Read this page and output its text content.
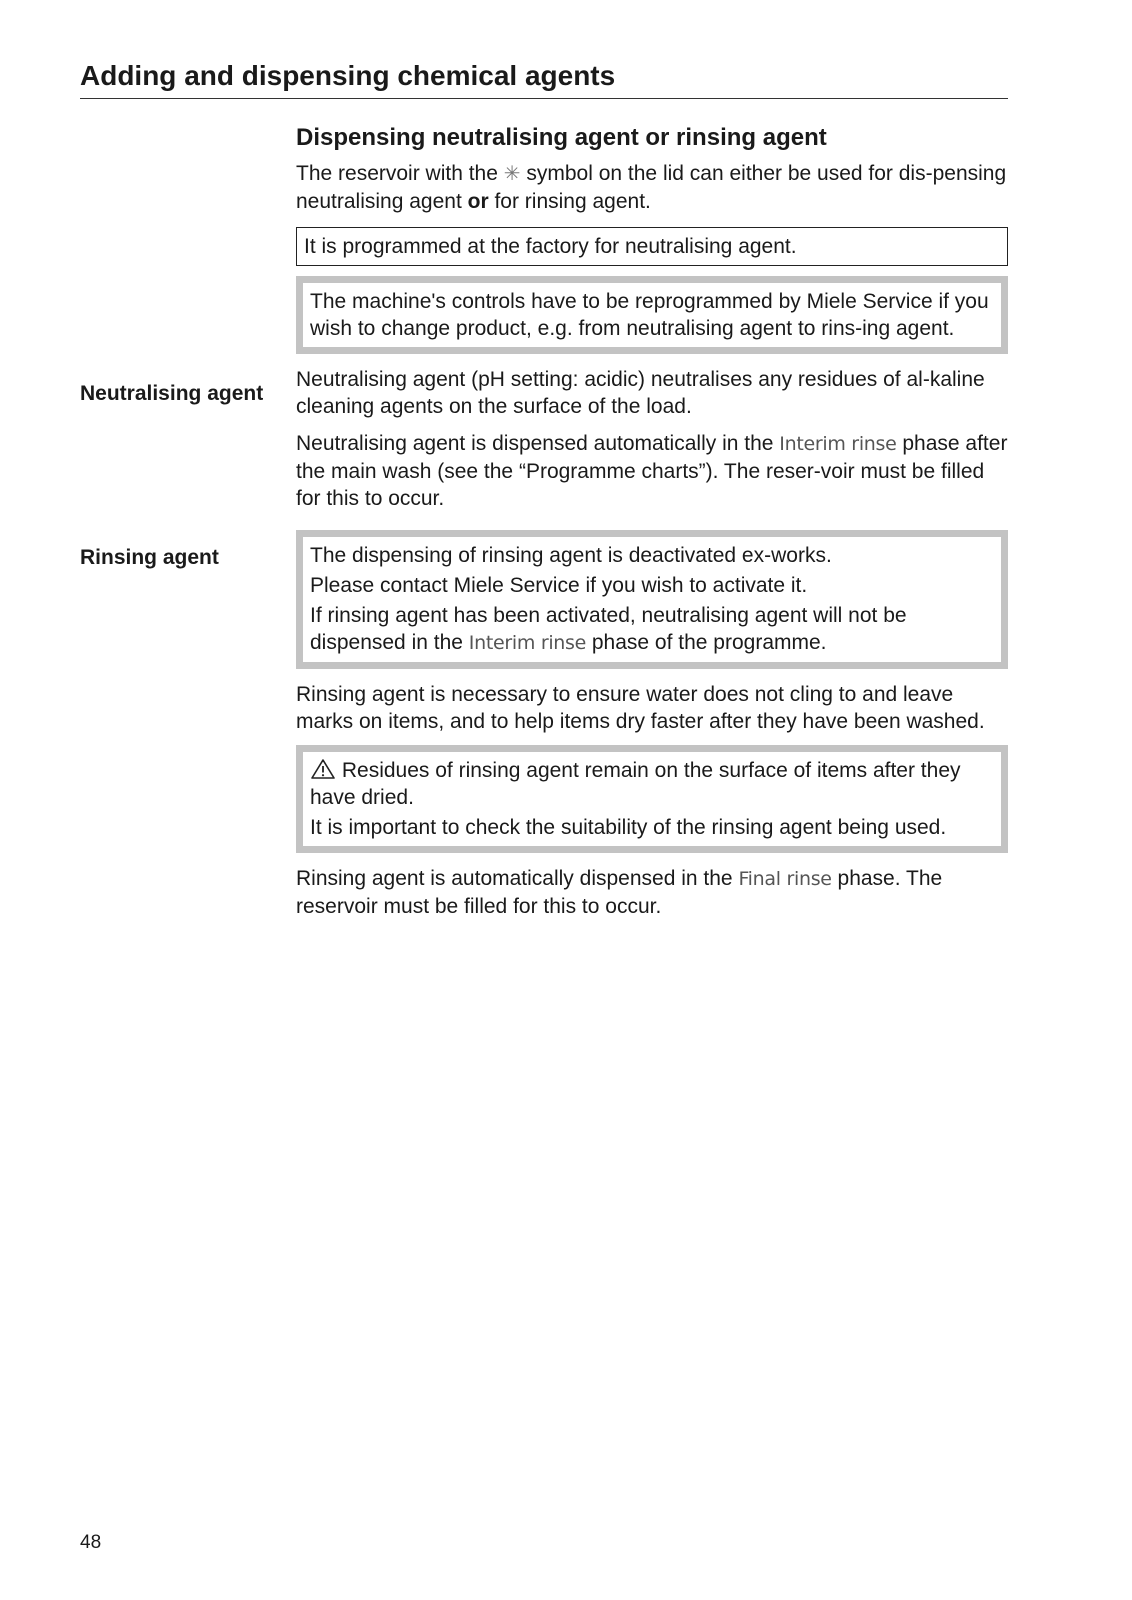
Adding and dispensing chemical agents
Neutralising agent
Rinsing agent
Dispensing neutralising agent or rinsing agent

The reservoir with the ✳ symbol on the lid can either be used for dis-pensing neutralising agent or for rinsing agent.

It is programmed at the factory for neutralising agent.

The machine's controls have to be reprogrammed by Miele Service if you wish to change product, e.g. from neutralising agent to rins-ing agent.

Neutralising agent (pH setting: acidic) neutralises any residues of al-kaline cleaning agents on the surface of the load.

Neutralising agent is dispensed automatically in the Interim rinse phase after the main wash (see the “Programme charts”). The reser-voir must be filled for this to occur.

The dispensing of rinsing agent is deactivated ex-works.

Please contact Miele Service if you wish to activate it.

If rinsing agent has been activated, neutralising agent will not be dispensed in the Interim rinse phase of the programme.

Rinsing agent is necessary to ensure water does not cling to and leave marks on items, and to help items dry faster after they have been washed.

Residues of rinsing agent remain on the surface of items after they have dried.

It is important to check the suitability of the rinsing agent being used.

Rinsing agent is automatically dispensed in the Final rinse phase. The reservoir must be filled for this to occur.

48
